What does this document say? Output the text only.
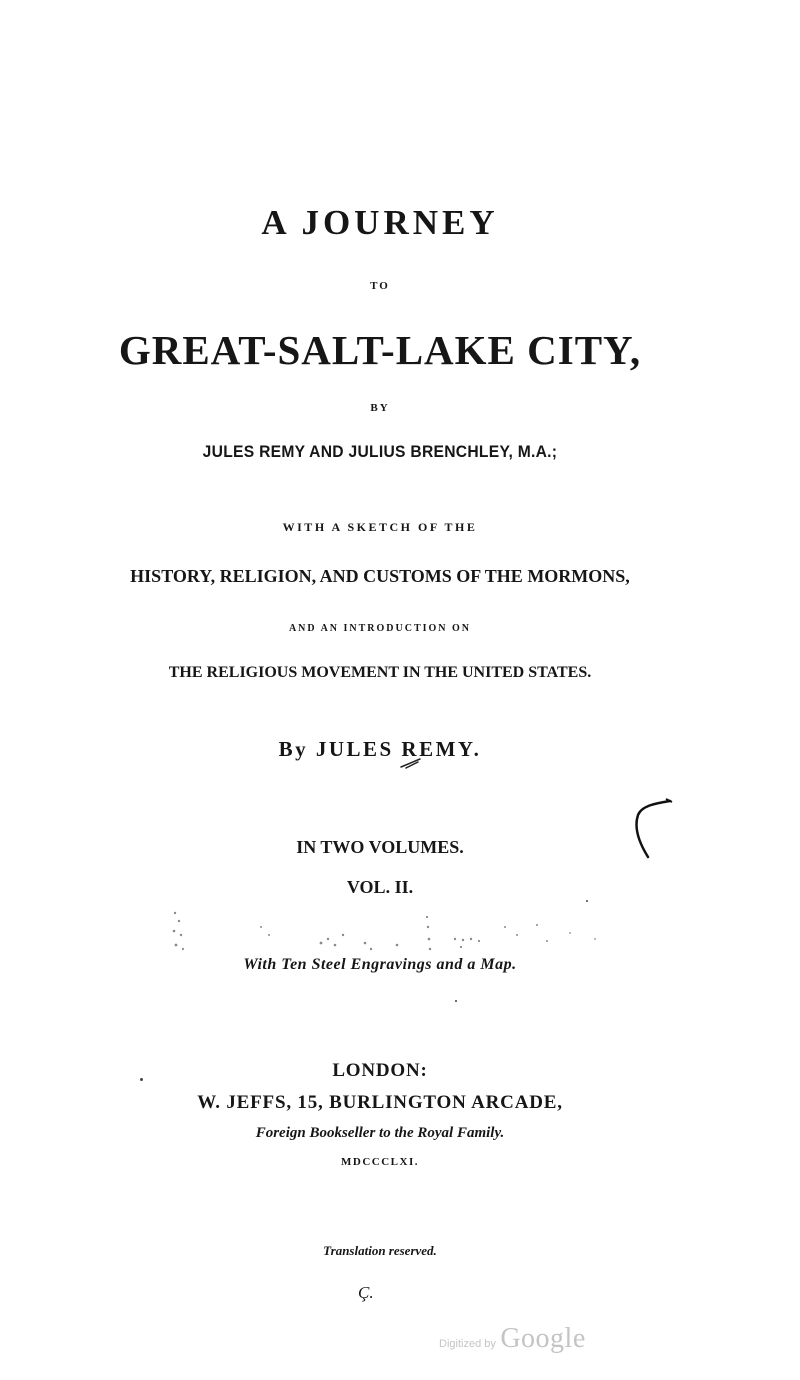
A JOURNEY
TO
GREAT-SALT-LAKE CITY,
BY
JULES REMY AND JULIUS BRENCHLEY, M.A.;
WITH A SKETCH OF THE
HISTORY, RELIGION, AND CUSTOMS OF THE MORMONS,
AND AN INTRODUCTION ON
THE RELIGIOUS MOVEMENT IN THE UNITED STATES.
By JULES REMY.
IN TWO VOLUMES.
VOL. II.
With Ten Steel Engravings and a Map.
LONDON:
W. JEFFS, 15, BURLINGTON ARCADE,
Foreign Bookseller to the Royal Family.
MDCCCLXI.
Translation reserved.
Ç.
Digitized by Google
